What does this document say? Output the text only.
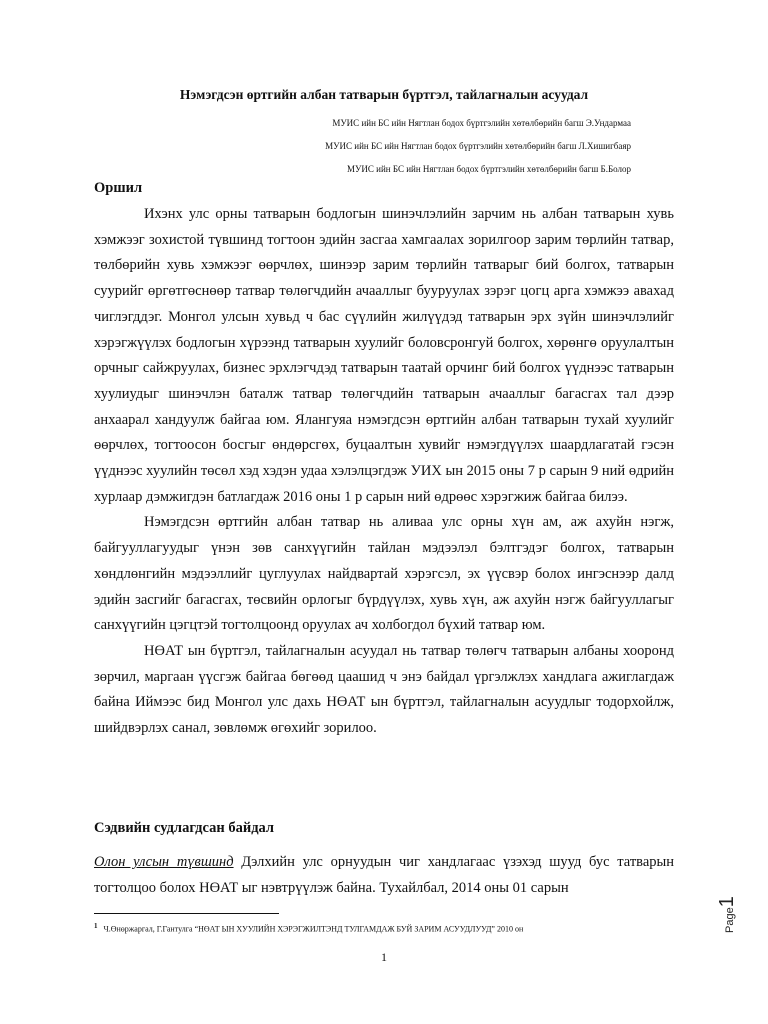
Нэмэгдсэн өртгийн албан татварын бүртгэл, тайлагналын асуудал
МУИС ийн БС ийн Нягтлан бодох бүртгэлийн хөтөлбөрийн багш Э.Ундармаа
МУИС ийн БС ийн Нягтлан бодох бүртгэлийн хөтөлбөрийн багш Л.Хишигбаяр
МУИС ийн БС ийн Нягтлан бодох бүртгэлийн хөтөлбөрийн багш Б.Болор
Оршил

Ихэнх улс орны татварын бодлогын шинэчлэлийн зарчим нь албан татварын хувь хэмжээг зохистой түвшинд тогтоон эдийн засгаа хамгаалах зорилгоор зарим төрлийн татвар, төлбөрийн хувь хэмжээг өөрчлөх, шинээр зарим төрлийн татварыг бий болгох, татварын суурийг өргөтгөснөөр татвар төлөгчдийн ачааллыг бууруулах зэрэг цогц арга хэмжээ авахад чиглэгддэг. Монгол улсын хувьд ч бас сүүлийн жилүүдэд татварын эрх зүйн шинэчлэлийг хэрэгжүүлэх бодлогын хүрээнд татварын хуулийг боловсронгуй болгох, хөрөнгө оруулалтын орчныг сайжруулах, бизнес эрхлэгчдэд татварын таатай орчинг бий болгох үүднээс татварын хуулиудыг шинэчлэн баталж татвар төлөгчдийн татварын ачааллыг багасгах тал дээр анхаарал хандуулж байгаа юм. Ялангуяа нэмэгдсэн өртгийн албан татварын тухай хуулийг өөрчлөх, тогтоосон босгыг өндөрсгөх, буцаалтын хувийг нэмэгдүүлэх шаардлагатай гэсэн үүднээс хуулийн төсөл хэд хэдэн удаа хэлэлцэгдэж УИХ ын 2015 оны 7 р сарын 9 ний өдрийн хурлаар дэмжигдэн батлагдаж 2016 оны 1 р сарын ний өдрөөс хэрэгжиж байгаа билээ.

Нэмэгдсэн өртгийн албан татвар нь аливаа улс орны хүн ам, аж ахуйн нэгж, байгууллагуудыг үнэн зөв санхүүгийн тайлан мэдээлэл бэлтгэдэг болгох, татварын хөндлөнгийн мэдээллийг цуглуулах найдвартай хэрэгсэл, эх үүсвэр болох ингэснээр далд эдийн засгийг багасгах, төсвийн орлогыг бүрдүүлэх, хувь хүн, аж ахуйн нэгж байгууллагыг санхүүгийн цэгцтэй тогтолцоонд оруулах ач холбогдол бүхий татвар юм.

НӨАТ ын бүртгэл, тайлагналын асуудал нь татвар төлөгч татварын албаны хооронд зөрчил, маргаан үүсгэж байгаа бөгөөд цаашид ч энэ байдал үргэлжлэх хандлага ажиглагдаж байна Иймээс бид Монгол улс дахь НӨАТ ын бүртгэл, тайлагналын асуудлыг тодорхойлж, шийдвэрлэх санал, зөвлөмж өгөхийг зорилоо.

Сэдвийн судлагдсан байдал

Олон улсын түвшинд Дэлхийн улс орнуудын чиг хандлагаас үзэхэд шууд бус татварын тогтолцоо болох НӨАТ ыг нэвтрүүлэж байна. Тухайлбал, 2014 оны 01 сарын

$^1$ Ч.Өнөржаргал, Г.Гантулга “НӨАТ ЫН ХУУЛИЙН ХЭРЭГЖИЛТЭНД ТУЛГАМДАЖ БУЙ ЗАРИМ АСУУДЛУУД” 2010 он
1
Page1
